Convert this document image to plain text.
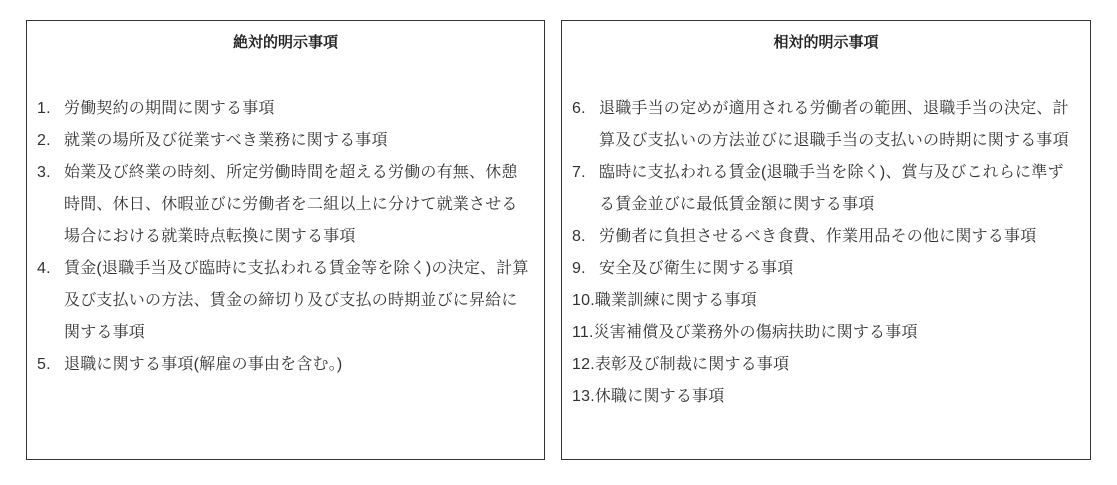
絶対的明示事項
1. 労働契約の期間に関する事項
2. 就業の場所及び従業すべき業務に関する事項
3. 始業及び終業の時刻、所定労働時間を超える労働の有無、休憩時間、休日、休暇並びに労働者を二組以上に分けて就業させる場合における就業時点転換に関する事項
4. 賃金(退職手当及び臨時に支払われる賃金等を除く)の決定、計算及び支払いの方法、賃金の締切り及び支払の時期並びに昇給に関する事項
5. 退職に関する事項(解雇の事由を含む。)
相対的明示事項
6. 退職手当の定めが適用される労働者の範囲、退職手当の決定、計算及び支払いの方法並びに退職手当の支払いの時期に関する事項
7. 臨時に支払われる賃金(退職手当を除く)、賞与及びこれらに準ずる賃金並びに最低賃金額に関する事項
8. 労働者に負担させるべき食費、作業用品その他に関する事項
9. 安全及び衛生に関する事項
10. 職業訓練に関する事項
11. 災害補償及び業務外の傷病扶助に関する事項
12. 表彰及び制裁に関する事項
13. 休職に関する事項
